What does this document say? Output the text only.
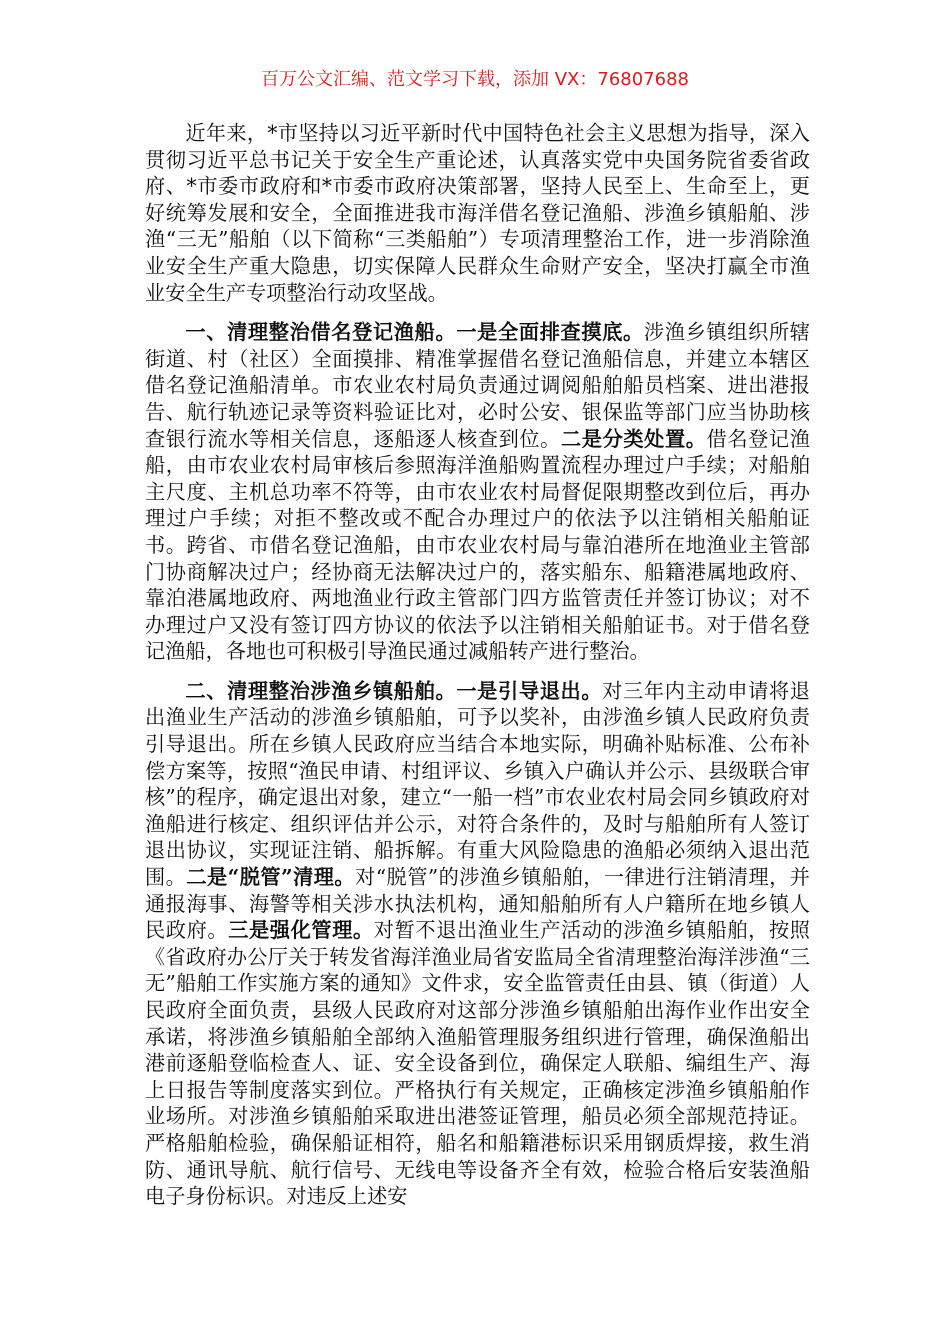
百万公文汇编、范文学习下载，添加 VX：76807688

近年来，*市坚持以习近平新时代中国特色社会主义思想为指导，深入贯彻习近平总书记关于安全生产重论述，认真落实党中央国务院省委省政府、*市委市政府和*市委市政府决策部署，坚持人民至上、生命至上，更好统筹发展和安全，全面推进我市海洋借名登记渔船、涉渔乡镇船舶、涉渔“三无”船舶（以下简称“三类船舶”）专项清理整治工作，进一步消除渔业安全生产重大隐患，切实保障人民群众生命财产安全，坚决打赢全市渔业安全生产专项整治行动攻坚战。

一、清理整治借名登记渔船。一是全面排查摸底。涉渔乡镇组织所辖街道、村（社区）全面摸排、精准掌握借名登记渔船信息，并建立本辖区借名登记渔船清单。市农业农村局负责通过调阅船舶船员档案、进出港报告、航行轨迹记录等资料验证比对，必时公安、银保监等部门应当协助核查银行流水等相关信息，逐船逐人核查到位。二是分类处置。借名登记渔船，由市农业农村局审核后参照海洋渔船购置流程办理过户手续；对船舶主尺度、主机总功率不符等，由市农业农村局督促限期整改到位后，再办理过户手续；对拒不整改或不配合办理过户的依法予以注销相关船舶证书。跨省、市借名登记渔船，由市农业农村局与靠泊港所在地渔业主管部门协商解决过户；经协商无法解决过户的，落实船东、船籍港属地政府、靠泊港属地政府、两地渔业行政主管部门四方监管责任并签订协议；对不办理过户又没有签订四方协议的依法予以注销相关船舶证书。对于借名登记渔船，各地也可积极引导渔民通过减船转产进行整治。

二、清理整治涉渔乡镇船舶。一是引导退出。对三年内主动申请将退出渔业生产活动的涉渔乡镇船舶，可予以奖补，由涉渔乡镇人民政府负责引导退出。所在乡镇人民政府应当结合本地实际，明确补贴标准、公布补偿方案等，按照“渔民申请、村组评议、乡镇入户确认并公示、县级联合审核”的程序，确定退出对象，建立“一船一档”市农业农村局会同乡镇政府对渔船进行核定、组织评估并公示，对符合条件的，及时与船舶所有人签订退出协议，实现证注销、船拆解。有重大风险隐患的渔船必须纳入退出范围。二是“脱管”清理。对“脱管”的涉渔乡镇船舶，一律进行注销清理，并通报海事、海警等相关涉水执法机构，通知船舶所有人户籍所在地乡镇人民政府。三是强化管理。对暂不退出渔业生产活动的涉渔乡镇船舶，按照《省政府办公厅关于转发省海洋渔业局省安监局全省清理整治海洋涉渔“三无”船舶工作实施方案的通知》文件求，安全监管责任由县、镇（街道）人民政府全面负责，县级人民政府对这部分涉渔乡镇船舶出海作业作出安全承诺，将涉渔乡镇船舶全部纳入渔船管理服务组织进行管理，确保渔船出港前逐船登临检查人、证、安全设备到位，确保定人联船、编组生产、海上日报告等制度落实到位。严格执行有关规定，正确核定涉渔乡镇船舶作业场所。对涉渔乡镇船舶采取进出港签证管理，船员必须全部规范持证。严格船舶检验，确保船证相符，船名和船籍港标识采用钢质焊接，救生消防、通讯导航、航行信号、无线电等设备齐全有效，检验合格后安装渔船电子身份标识。对违反上述安
